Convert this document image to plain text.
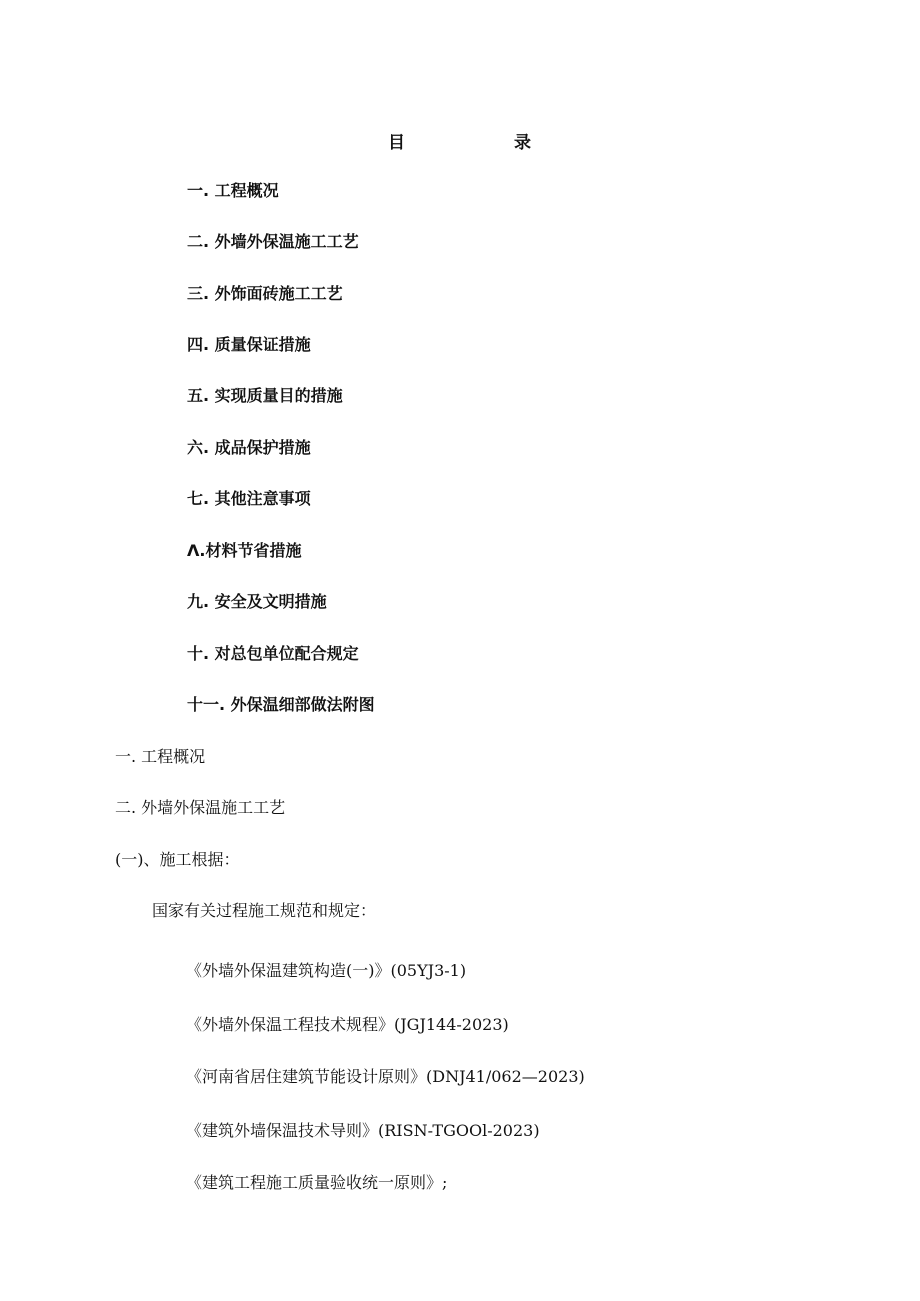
目	录
一. 工程概况
二. 外墙外保温施工工艺
三. 外饰面砖施工工艺
四. 质量保证措施
五. 实现质量目的措施
六. 成品保护措施
七. 其他注意事项
Λ.材料节省措施
九. 安全及文明措施
十. 对总包单位配合规定
十一. 外保温细部做法附图
一. 工程概况
二. 外墙外保温施工工艺
(一)、施工根据：
国家有关过程施工规范和规定：
《外墙外保温建筑构造(一)》(05YJ3-1)
《外墙外保温工程技术规程》(JGJ144-2023)
《河南省居住建筑节能设计原则》(DNJ41/062—2023)
《建筑外墙保温技术导则》(RISN-TGOOl-2023)
《建筑工程施工质量验收统一原则》;
